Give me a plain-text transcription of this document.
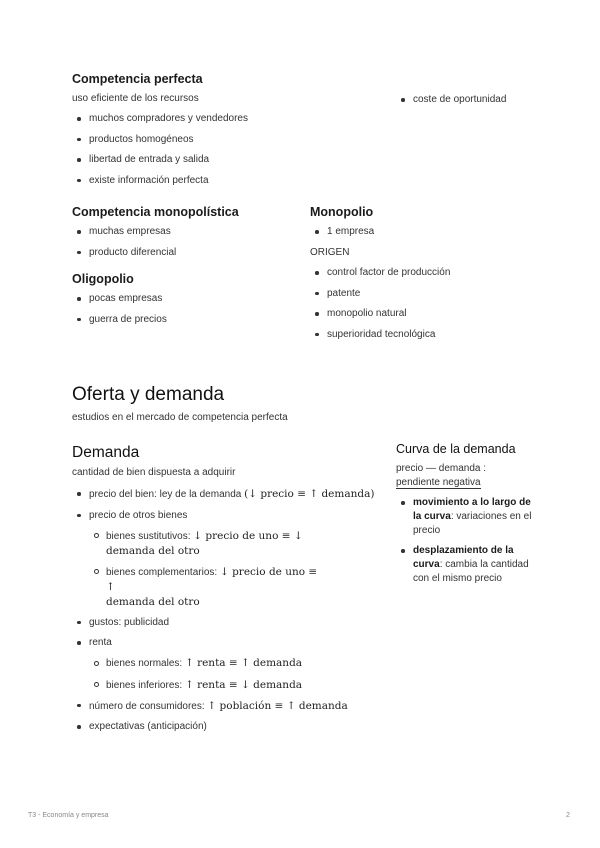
Competencia perfecta
uso eficiente de los recursos
muchos compradores y vendedores
productos homogéneos
libertad de entrada y salida
existe información perfecta
coste de oportunidad
Competencia monopolística
muchas empresas
producto diferencial
Oligopolio
pocas empresas
guerra de precios
Monopolio
1 empresa
ORIGEN
control factor de producción
patente
monopolio natural
superioridad tecnológica
Oferta y demanda
estudios en el mercado de competencia perfecta
Demanda
cantidad de bien dispuesta a adquirir
precio del bien: ley de la demanda (↓ precio ≡ ↑ demanda)
precio de otros bienes
bienes sustitutivos: ↓ precio de uno ≡ ↓
demanda del otro
bienes complementarios: ↓ precio de uno ≡ ↑
demanda del otro
gustos: publicidad
renta
bienes normales: ↑ renta ≡ ↑ demanda
bienes inferiores: ↑ renta ≡ ↓ demanda
número de consumidores: ↑ población ≡ ↑ demanda
expectativas (anticipación)
Curva de la demanda
precio — demanda :
pendiente negativa
movimiento a lo largo de la curva: variaciones en el precio
desplazamiento de la curva: cambia la cantidad con el mismo precio
T3 - Economía y empresa	2
